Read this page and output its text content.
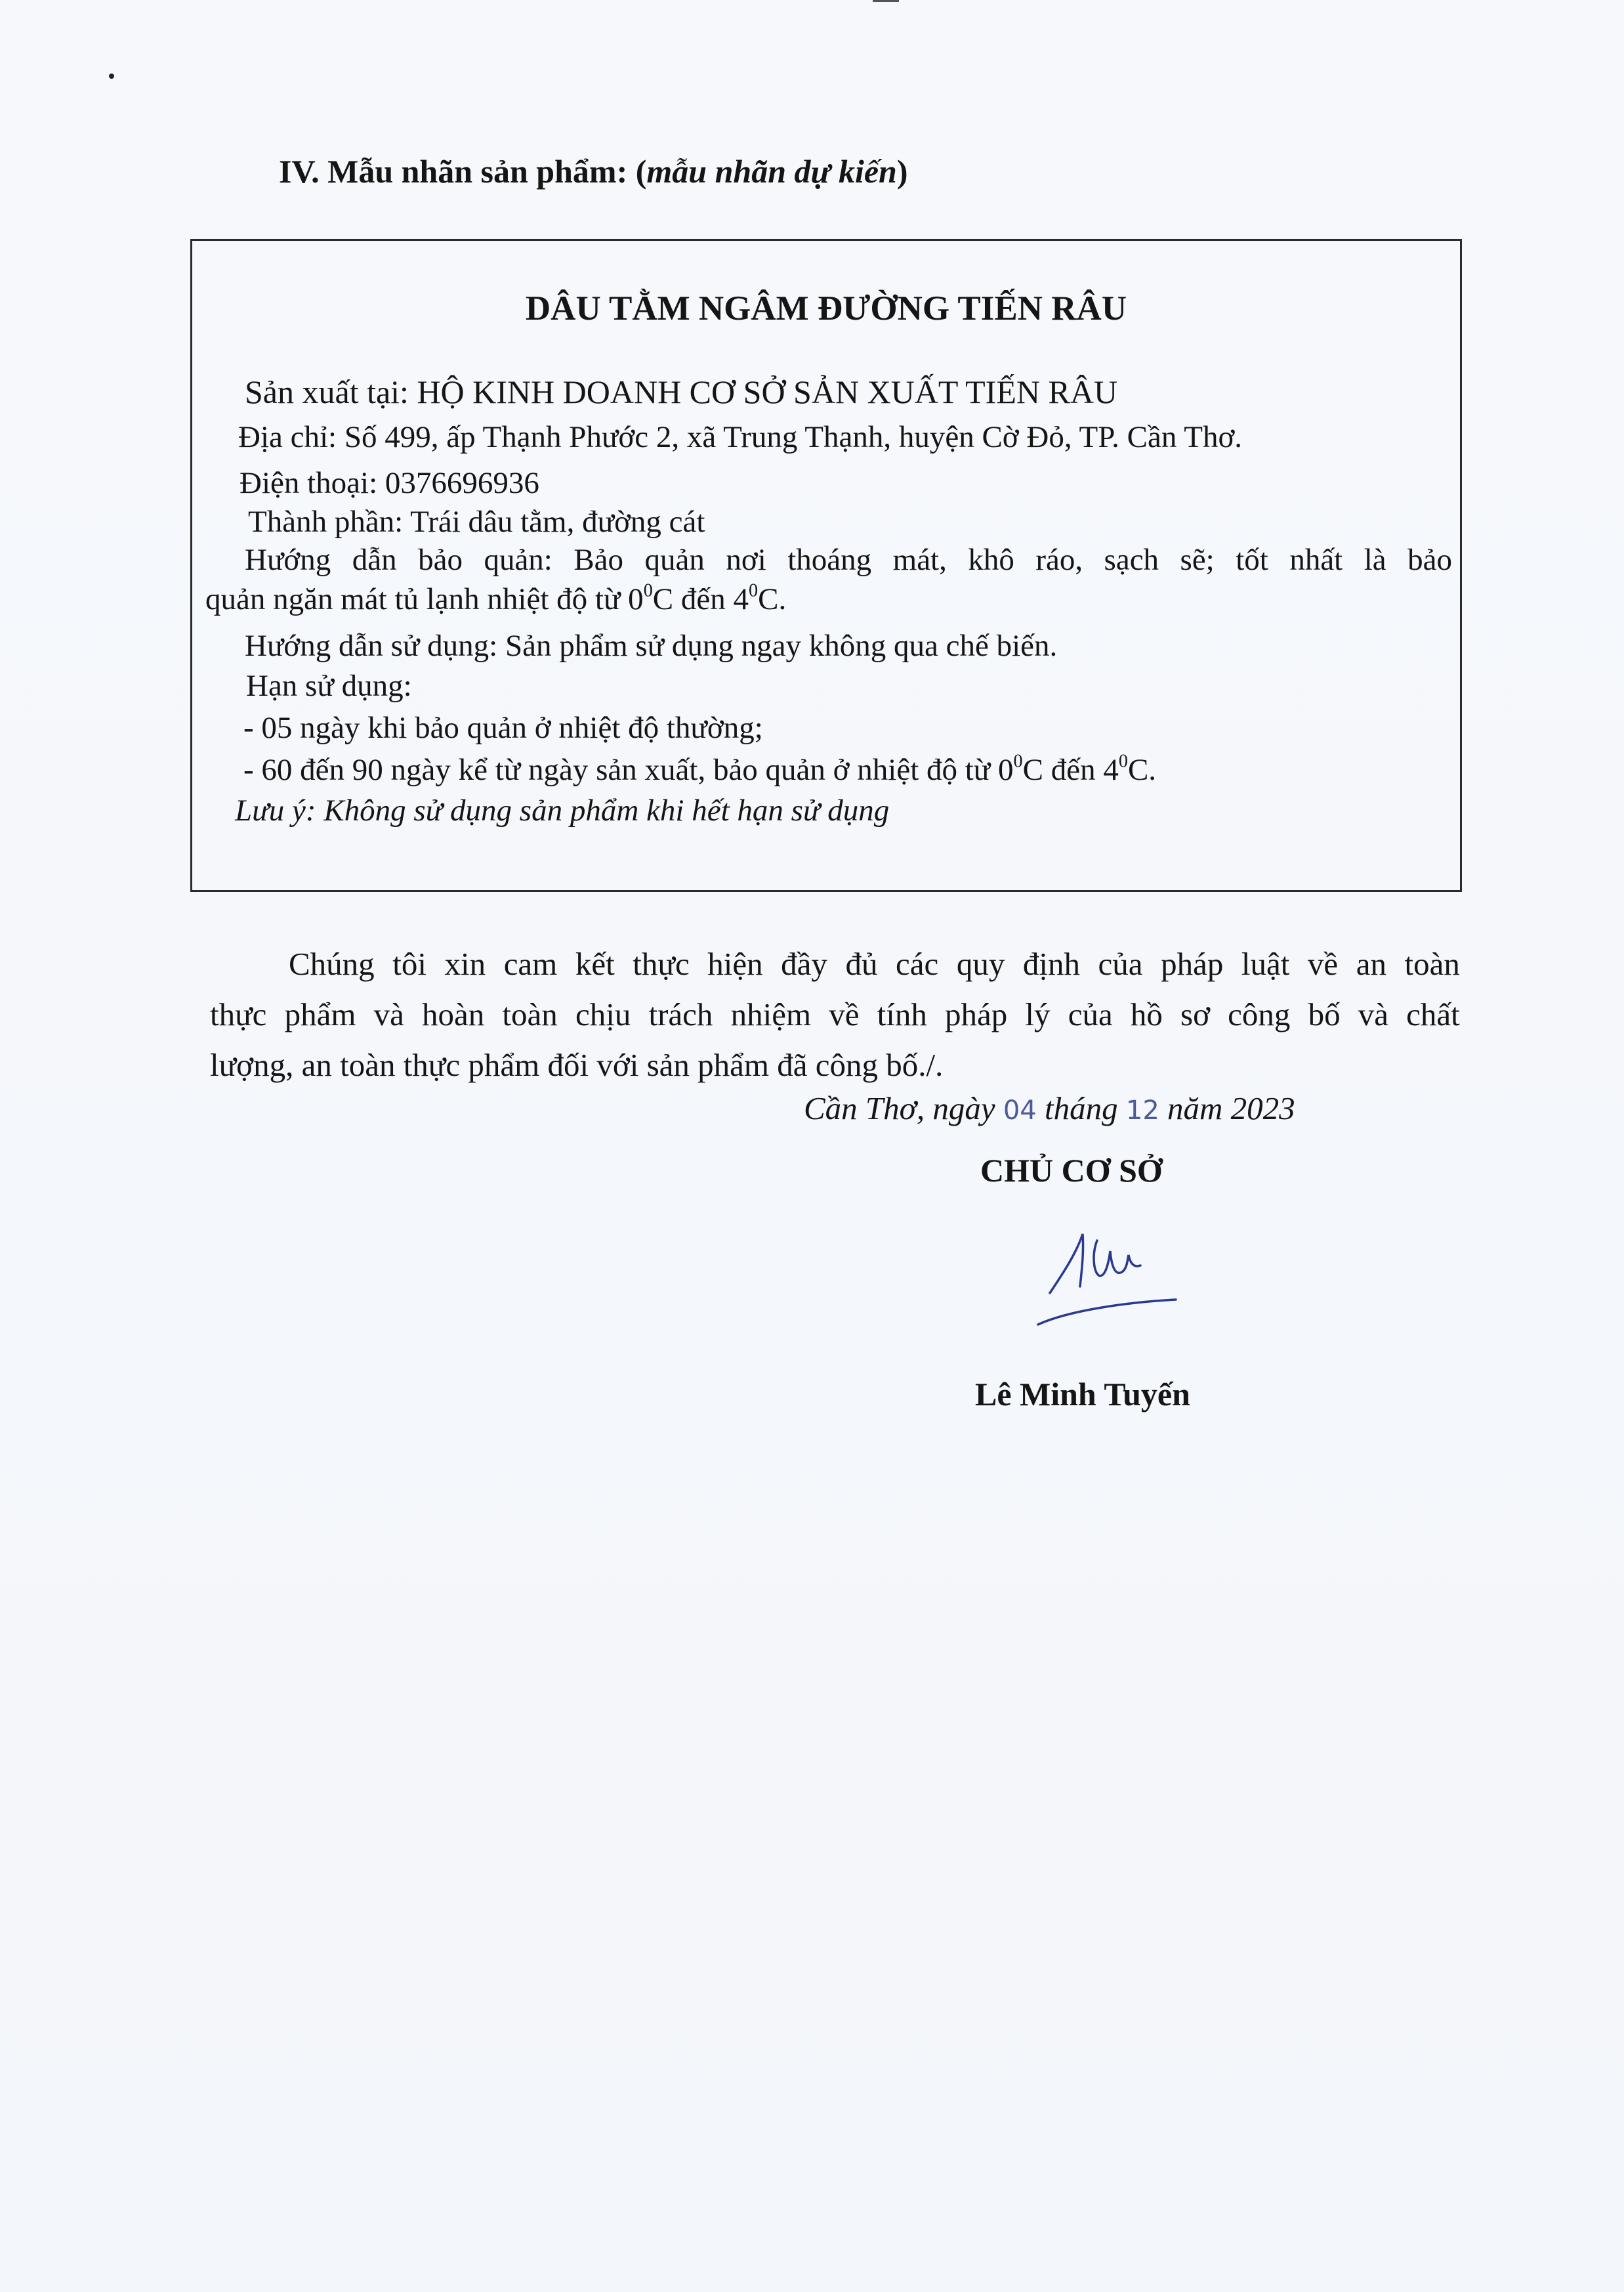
IV. Mẫu nhãn sản phẩm: (mẫu nhãn dự kiến)
DÂU TẰM NGÂM ĐƯỜNG TIẾN RÂU
Sản xuất tại: HỘ KINH DOANH CƠ SỞ SẢN XUẤT TIẾN RÂU
Địa chỉ: Số 499, ấp Thạnh Phước 2, xã Trung Thạnh, huyện Cờ Đỏ, TP. Cần Thơ.
Điện thoại: 0376696936
Thành phần: Trái dâu tằm, đường cát
Hướng dẫn bảo quản: Bảo quản nơi thoáng mát, khô ráo, sạch sẽ; tốt nhất là bảo
quản ngăn mát tủ lạnh nhiệt độ từ $0^0C$ đến $4^0C$.
Hướng dẫn sử dụng: Sản phẩm sử dụng ngay không qua chế biến.
Hạn sử dụng:
- 05 ngày khi bảo quản ở nhiệt độ thường;
- 60 đến 90 ngày kể từ ngày sản xuất, bảo quản ở nhiệt độ từ $0^0C$ đến $4^0C$.
Lưu ý: Không sử dụng sản phẩm khi hết hạn sử dụng
Chúng tôi xin cam kết thực hiện đầy đủ các quy định của pháp luật về an toàn
thực phẩm và hoàn toàn chịu trách nhiệm về tính pháp lý của hồ sơ công bố và chất
lượng, an toàn thực phẩm đối với sản phẩm đã công bố./.
Cần Thơ, ngày 04 tháng 12 năm 2023
CHỦ CƠ SỞ
Lê Minh Tuyến
